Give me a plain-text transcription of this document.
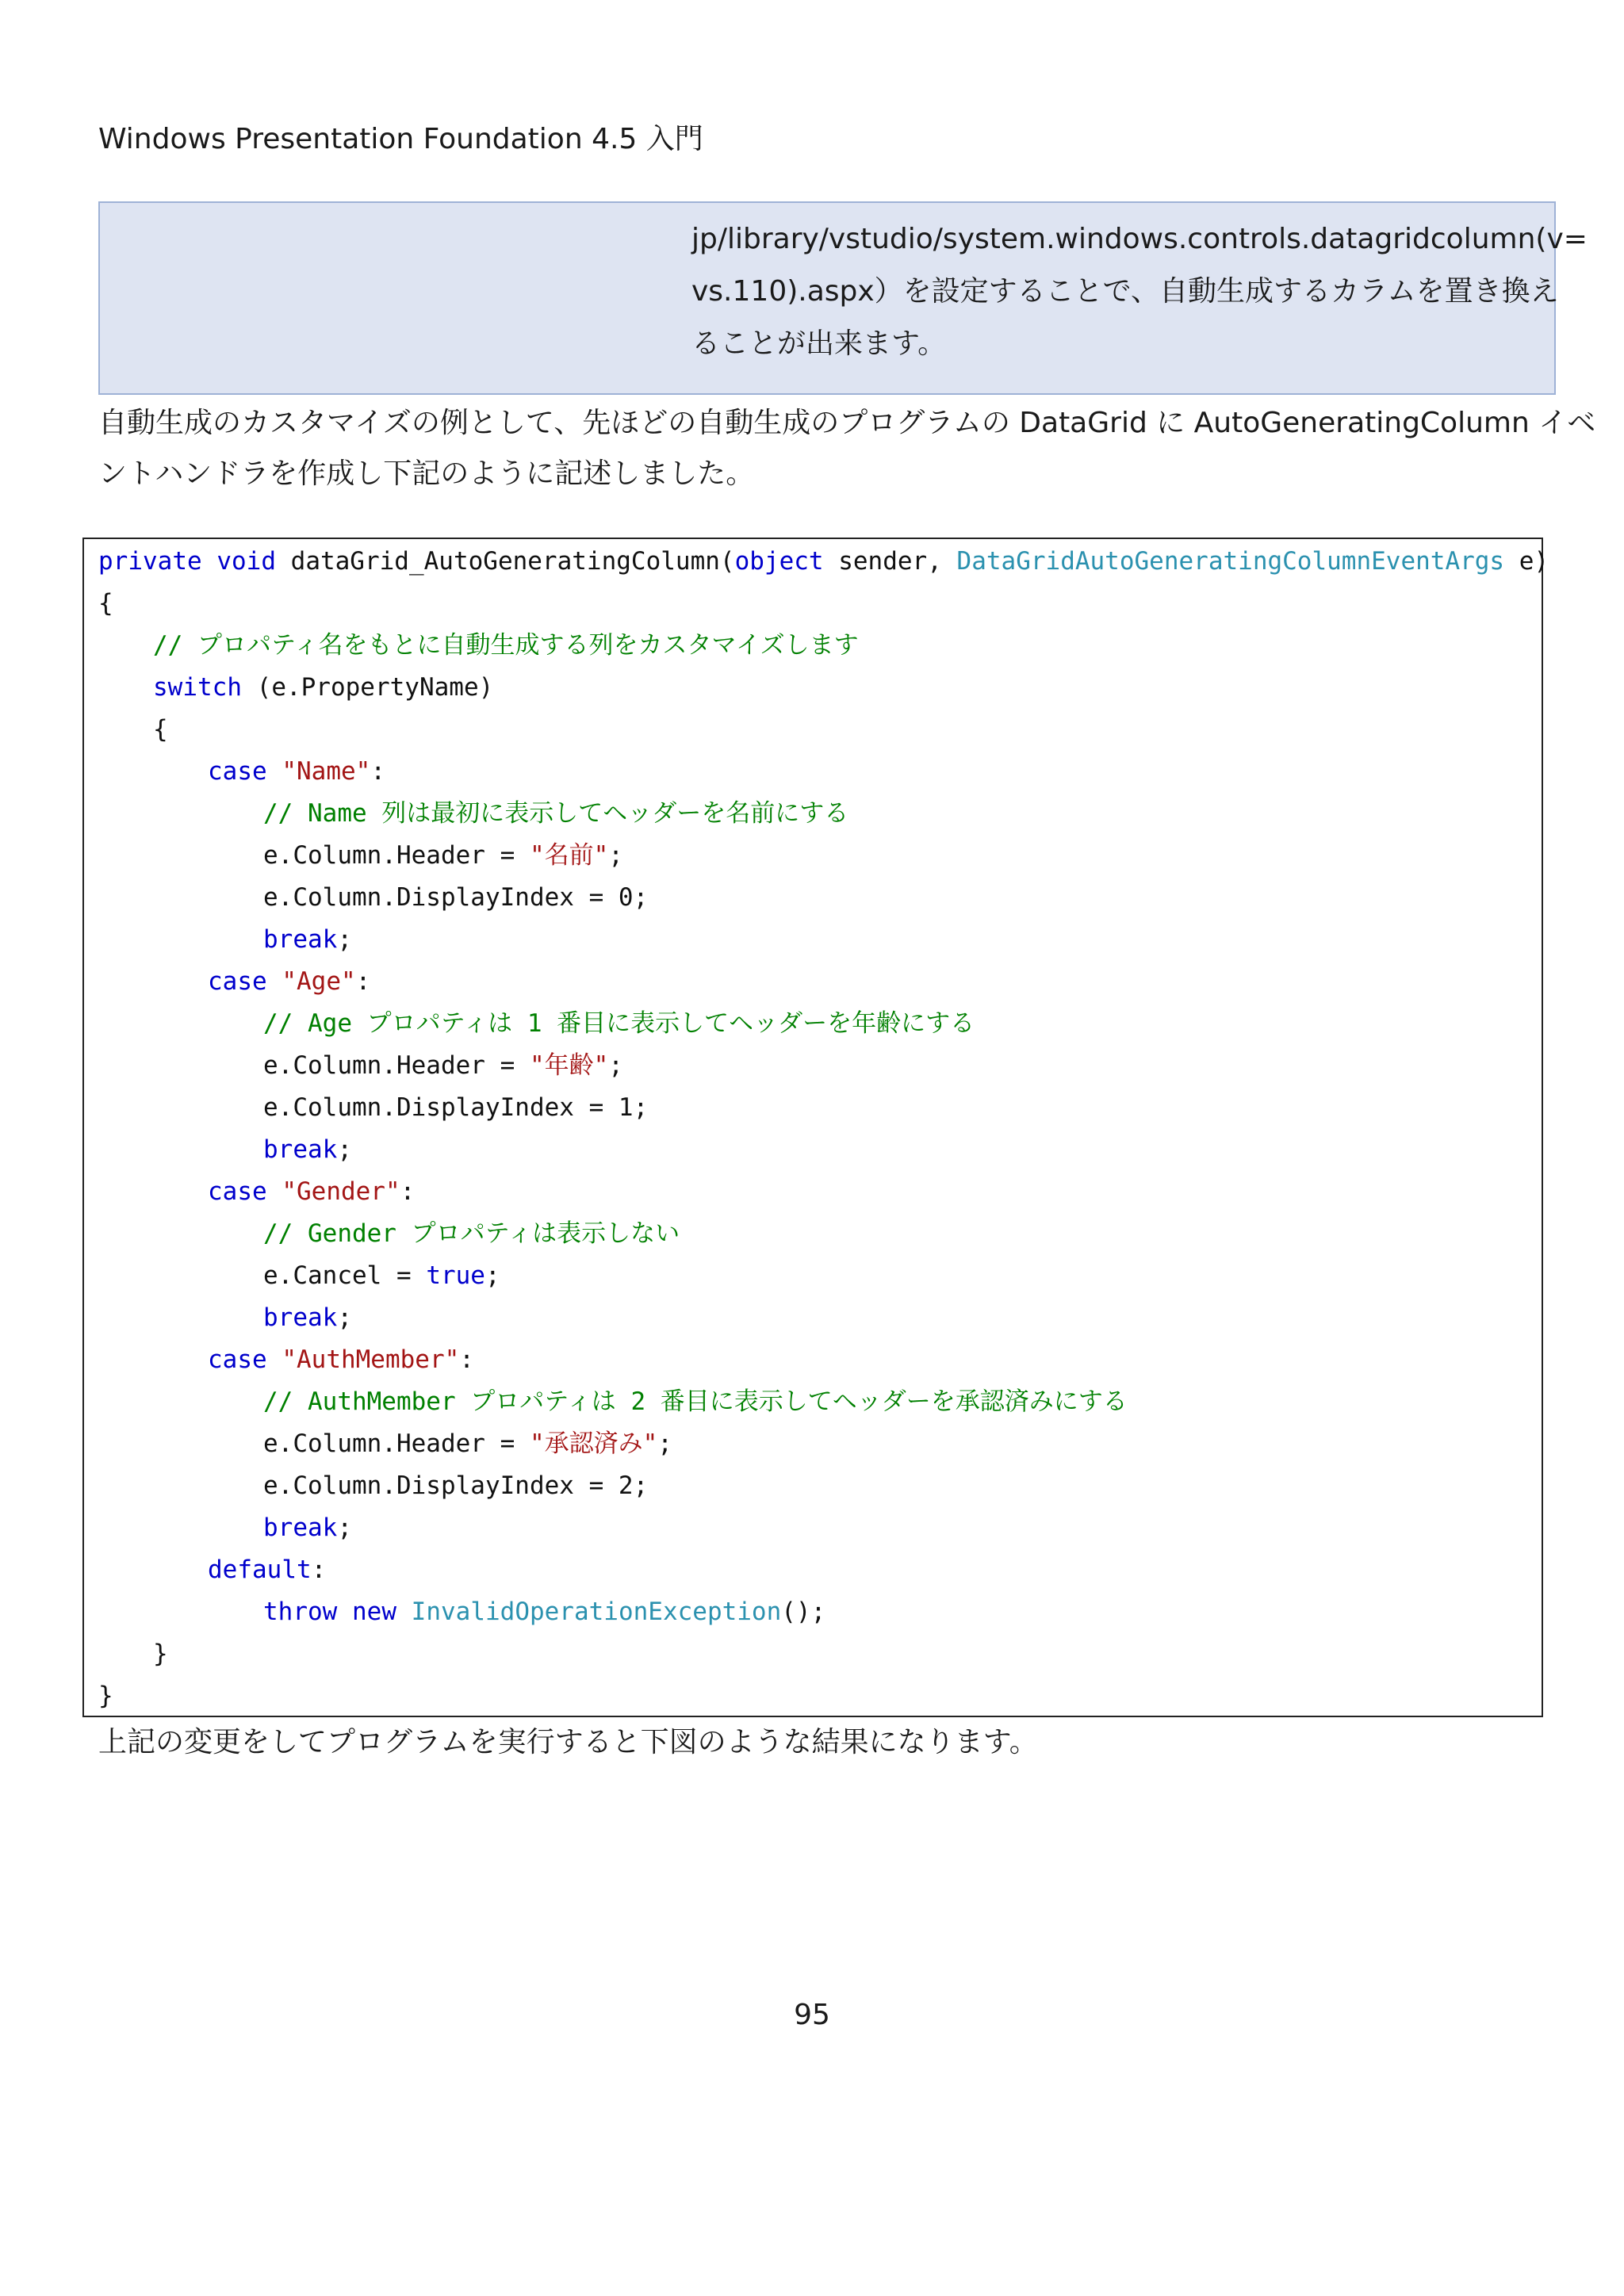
Windows Presentation Foundation 4.5 入門
jp/library/vstudio/system.windows.controls.datagridcolumn(v=
vs.110).aspx）を設定することで、自動生成するカラムを置き換え
ることが出来ます。
自動生成のカスタマイズの例として、先ほどの自動生成のプログラムの DataGrid に AutoGeneratingColumn イベ
ントハンドラを作成し下記のように記述しました。
private void dataGrid_AutoGeneratingColumn(object sender, DataGridAutoGeneratingColumnEventArgs e)
{
// プロパティ名をもとに自動生成する列をカスタマイズします
switch (e.PropertyName)
{
case "Name":
// Name 列は最初に表示してヘッダーを名前にする
e.Column.Header = "名前";
e.Column.DisplayIndex = 0;
break;
case "Age":
// Age プロパティは 1 番目に表示してヘッダーを年齢にする
e.Column.Header = "年齢";
e.Column.DisplayIndex = 1;
break;
case "Gender":
// Gender プロパティは表示しない
e.Cancel = true;
break;
case "AuthMember":
// AuthMember プロパティは 2 番目に表示してヘッダーを承認済みにする
e.Column.Header = "承認済み";
e.Column.DisplayIndex = 2;
break;
default:
throw new InvalidOperationException();
}
}
上記の変更をしてプログラムを実行すると下図のような結果になります。
95
